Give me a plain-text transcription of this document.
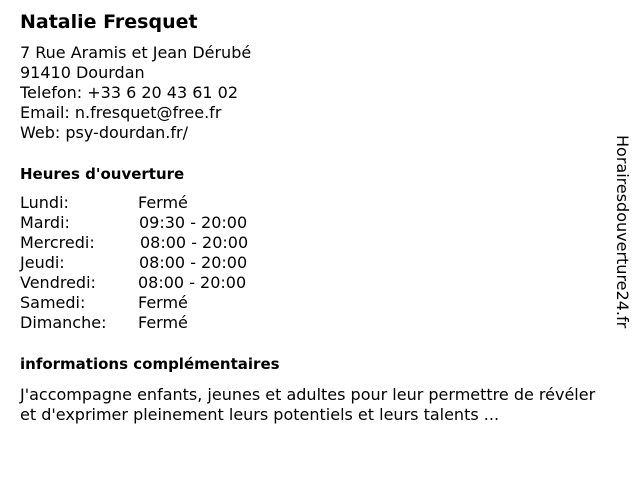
Natalie Fresquet
7 Rue Aramis et Jean Dérubé
91410 Dourdan
Telefon: +33 6 20 43 61 02
Email: n.fresquet@free.fr
Web: psy-dourdan.fr/
Heures d'ouverture
Lundi:	Fermé
Mardi:	09:30 - 20:00
Mercredi:	08:00 - 20:00
Jeudi:	08:00 - 20:00
Vendredi:	08:00 - 20:00
Samedi:	Fermé
Dimanche: Fermé
informations complémentaires
J'accompagne enfants, jeunes et adultes pour leur permettre de révéler et d'exprimer pleinement leurs potentiels et leurs talents ...
Horairesdouverture24.fr
